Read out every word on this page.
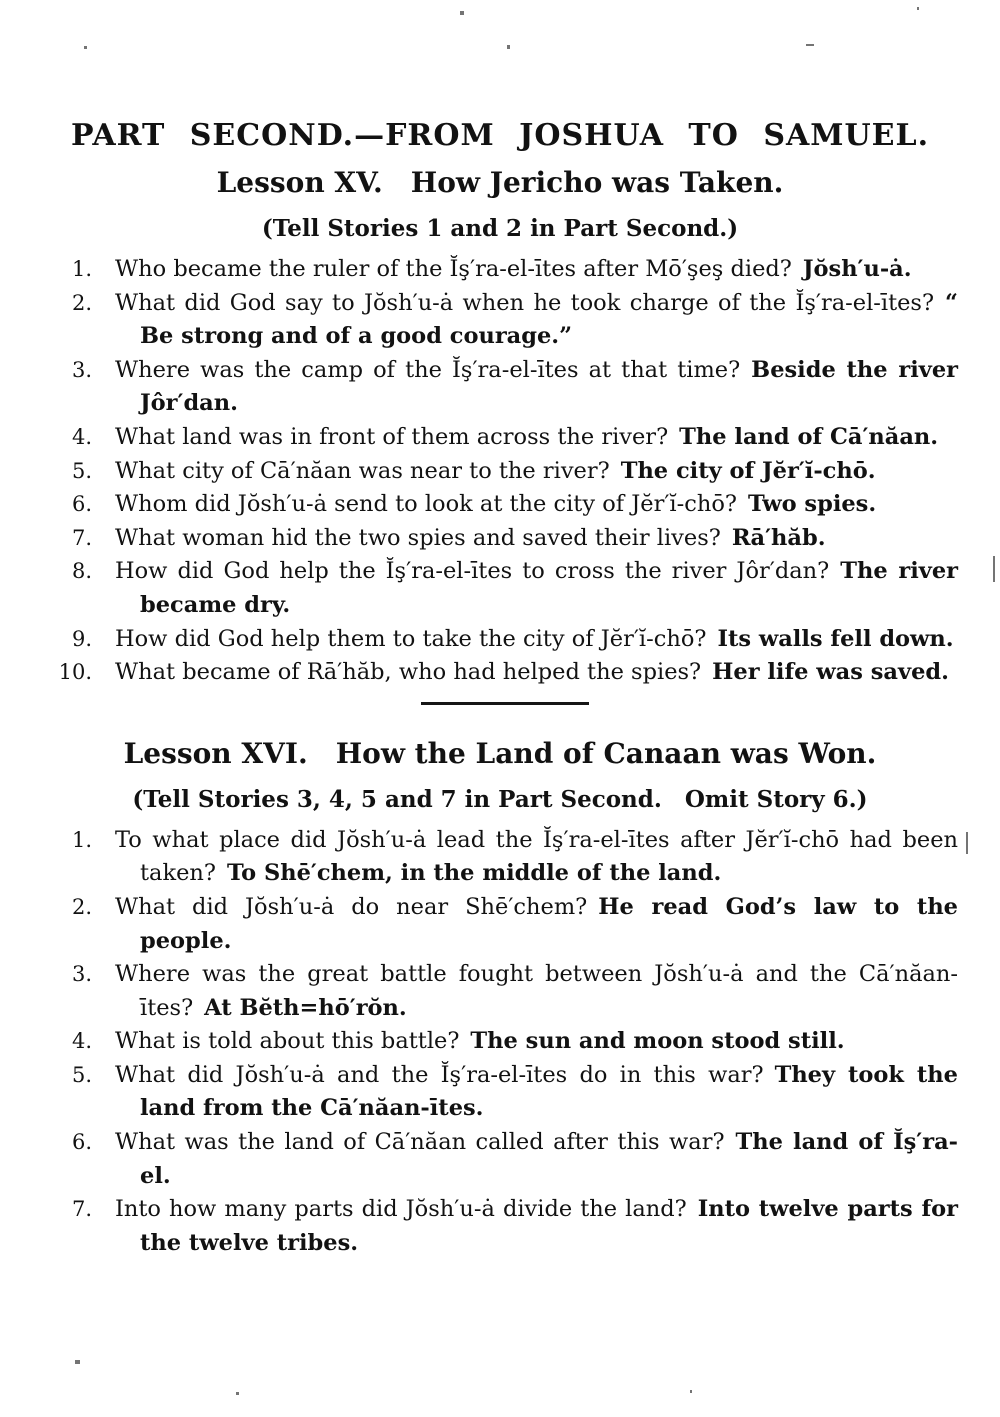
PART SECOND.—FROM JOSHUA TO SAMUEL.
Lesson XV. How Jericho was Taken.
(Tell Stories 1 and 2 in Part Second.)
1. Who became the ruler of the Ĭş′ra-el-ītes after Mō′şeş died? Jŏsh′u-ȧ.
2. What did God say to Jŏsh′u-ȧ when he took charge of the Ĭş′ra-el-ītes? “ Be strong and of a good courage.”
3. Where was the camp of the Ĭş′ra-el-ītes at that time? Beside the river Jôr′dan.
4. What land was in front of them across the river? The land of Cā′năan.
5. What city of Cā′năan was near to the river? The city of Jĕr′ĭ-chō.
6. Whom did Jŏsh′u-ȧ send to look at the city of Jĕr′ĭ-chō? Two spies.
7. What woman hid the two spies and saved their lives? Rā′hăb.
8. How did God help the Ĭş′ra-el-ītes to cross the river Jôr′dan? The river became dry.
9. How did God help them to take the city of Jĕr′ĭ-chō? Its walls fell down.
10. What became of Rā′hăb, who had helped the spies? Her life was saved.
Lesson XVI. How the Land of Canaan was Won.
(Tell Stories 3, 4, 5 and 7 in Part Second.  Omit Story 6.)
1. To what place did Jŏsh′u-ȧ lead the Ĭş′ra-el-ītes after Jĕr′ĭ-chō had been taken? To Shē′chem, in the middle of the land.
2. What did Jŏsh′u-ȧ do near Shē′chem? He read God’s law to the people.
3. Where was the great battle fought between Jŏsh′u-ȧ and the Cā′năan-ītes? At Bĕth=hō′rŏn.
4. What is told about this battle? The sun and moon stood still.
5. What did Jŏsh′u-ȧ and the Ĭş′ra-el-ītes do in this war? They took the land from the Cā′năan-ītes.
6. What was the land of Cā′năan called after this war? The land of Ĭş′ra-el.
7. Into how many parts did Jŏsh′u-ȧ divide the land? Into twelve parts for the twelve tribes.
